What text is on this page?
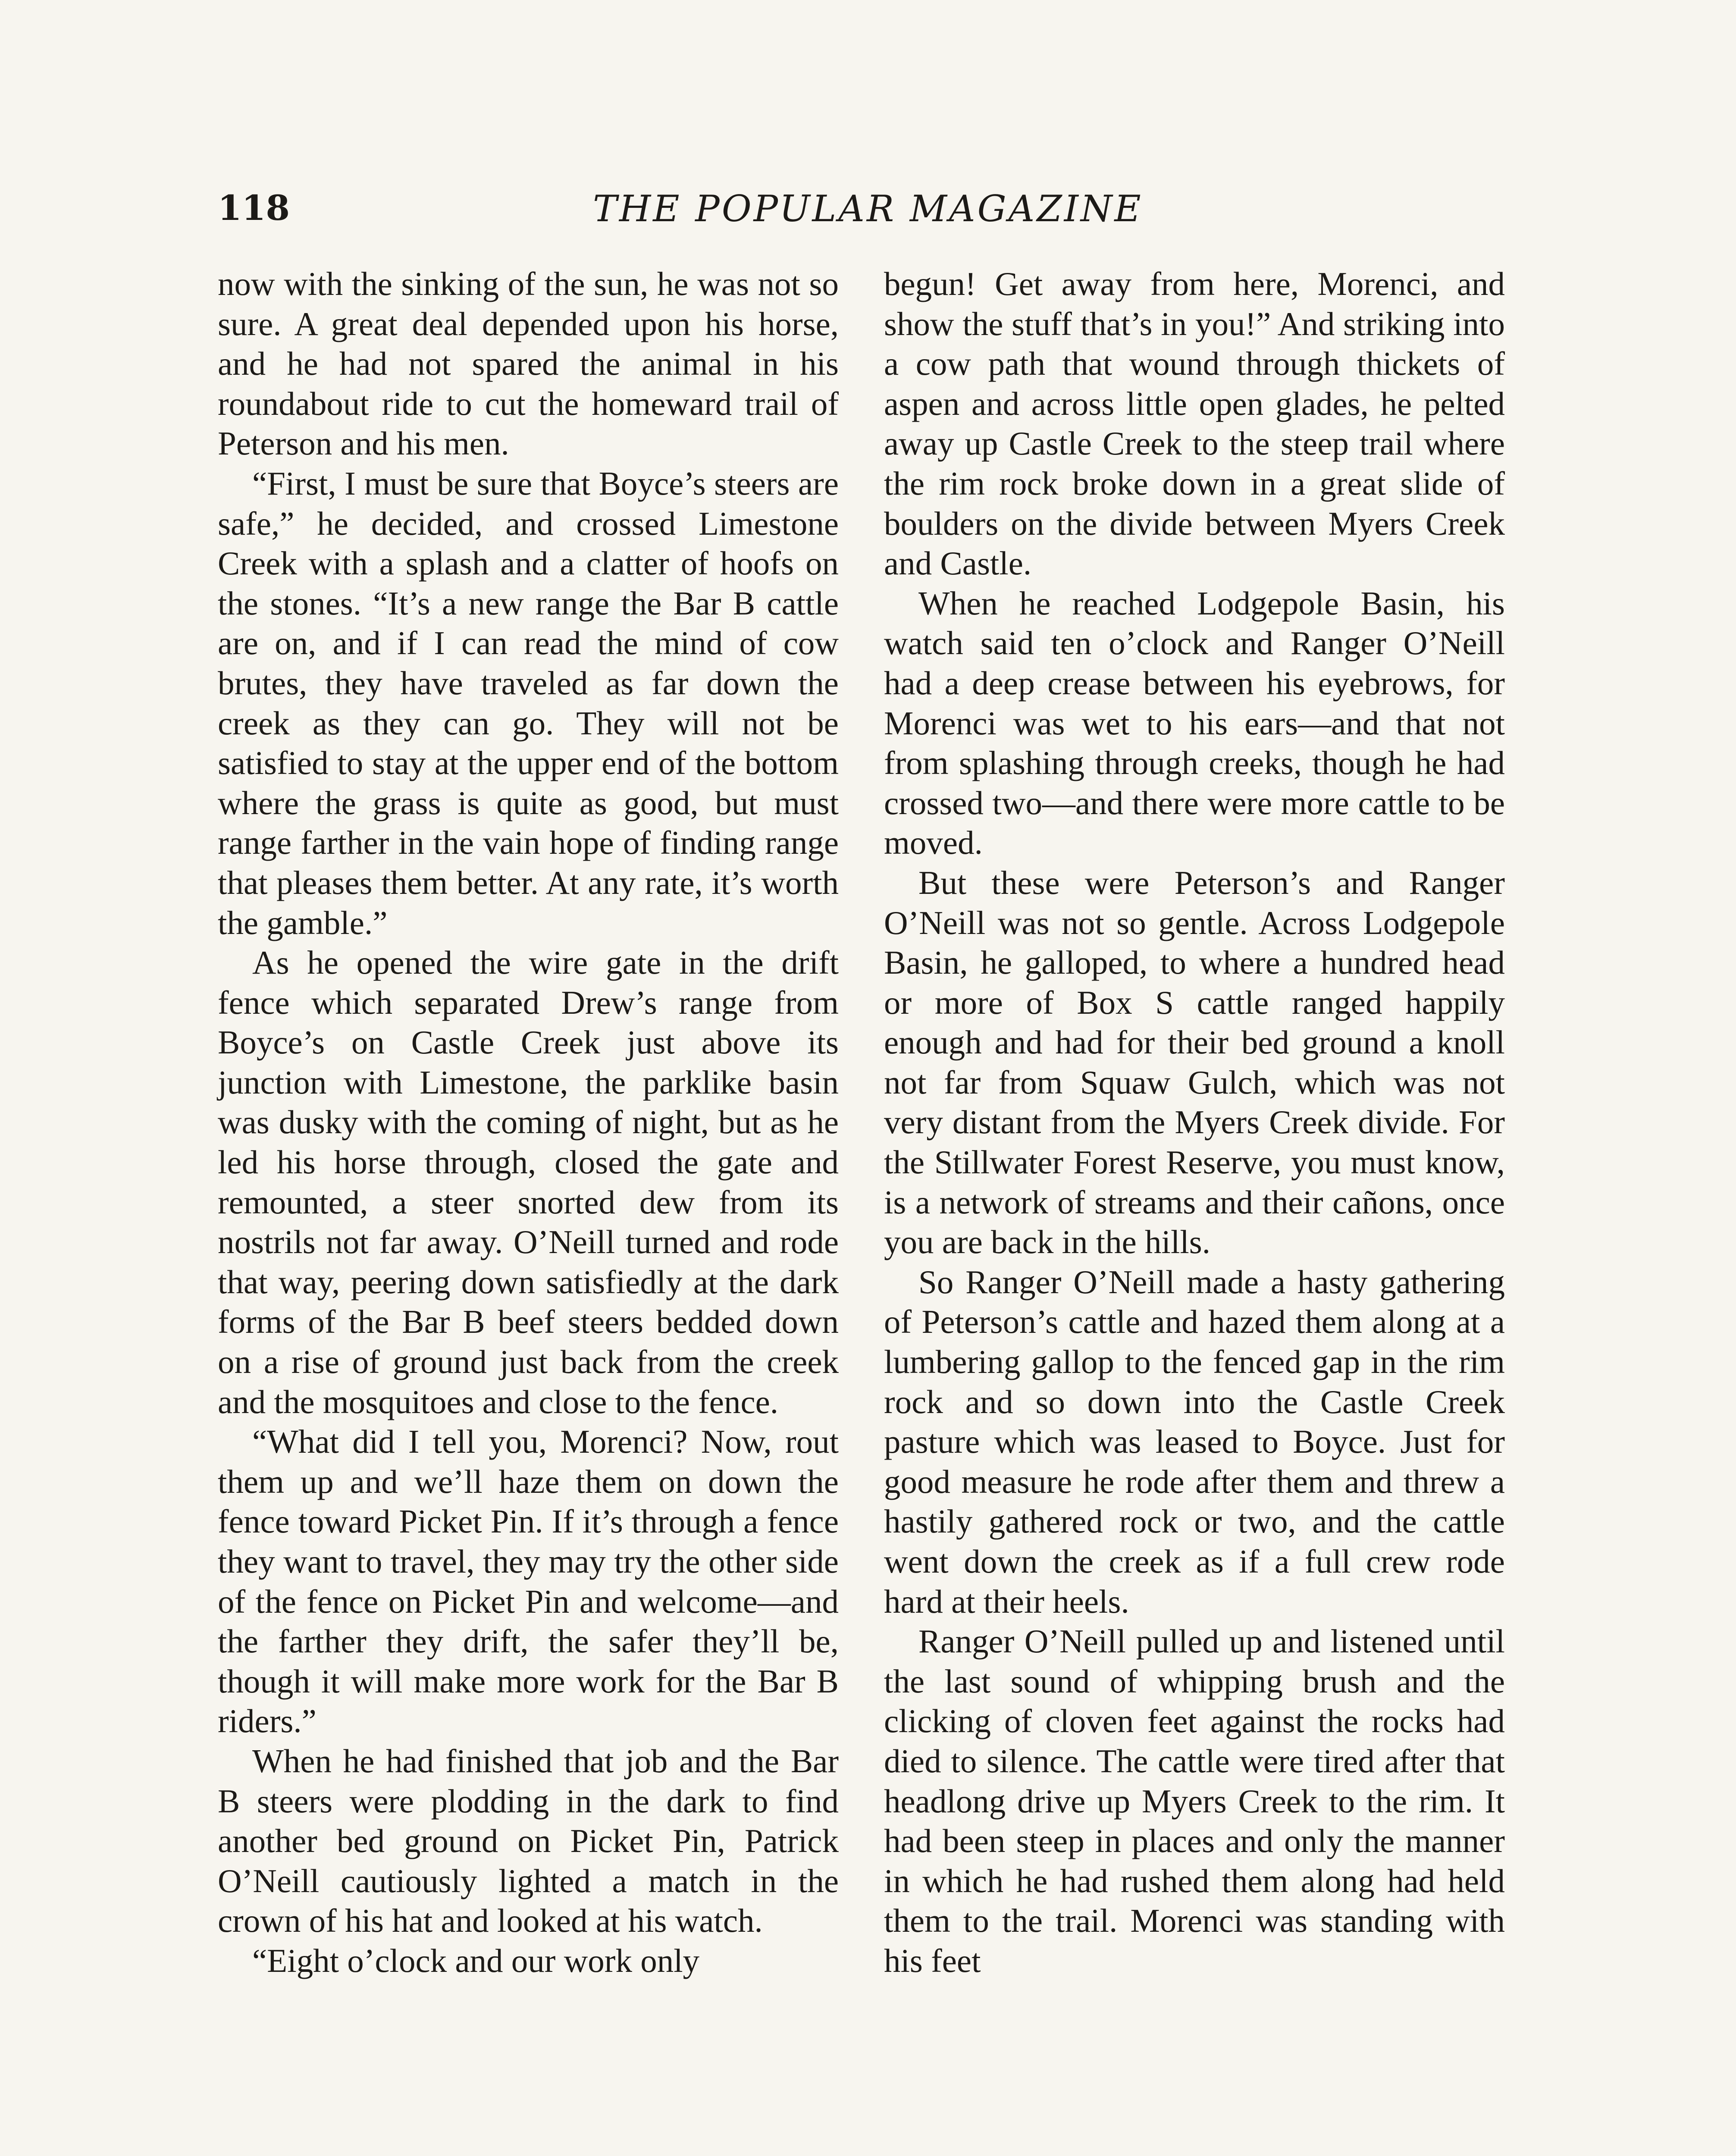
118	THE POPULAR MAGAZINE

now with the sinking of the sun, he was not so sure. A great deal depended upon his horse, and he had not spared the animal in his roundabout ride to cut the homeward trail of Peterson and his men.

“First, I must be sure that Boyce’s steers are safe,” he decided, and crossed Limestone Creek with a splash and a clatter of hoofs on the stones. “It’s a new range the Bar B cattle are on, and if I can read the mind of cow brutes, they have traveled as far down the creek as they can go. They will not be satisfied to stay at the upper end of the bottom where the grass is quite as good, but must range farther in the vain hope of finding range that pleases them better. At any rate, it’s worth the gamble.”

As he opened the wire gate in the drift fence which separated Drew’s range from Boyce’s on Castle Creek just above its junction with Limestone, the parklike basin was dusky with the coming of night, but as he led his horse through, closed the gate and remounted, a steer snorted dew from its nostrils not far away. O’Neill turned and rode that way, peering down satisfiedly at the dark forms of the Bar B beef steers bedded down on a rise of ground just back from the creek and the mosquitoes and close to the fence.

“What did I tell you, Morenci? Now, rout them up and we’ll haze them on down the fence toward Picket Pin. If it’s through a fence they want to travel, they may try the other side of the fence on Picket Pin and welcome—and the farther they drift, the safer they’ll be, though it will make more work for the Bar B riders.”

When he had finished that job and the Bar B steers were plodding in the dark to find another bed ground on Picket Pin, Patrick O’Neill cautiously lighted a match in the crown of his hat and looked at his watch.

“Eight o’clock and our work only

begun! Get away from here, Morenci, and show the stuff that’s in you!” And striking into a cow path that wound through thickets of aspen and across little open glades, he pelted away up Castle Creek to the steep trail where the rim rock broke down in a great slide of boulders on the divide between Myers Creek and Castle.

When he reached Lodgepole Basin, his watch said ten o’clock and Ranger O’Neill had a deep crease between his eyebrows, for Morenci was wet to his ears—and that not from splashing through creeks, though he had crossed two—and there were more cattle to be moved.

But these were Peterson’s and Ranger O’Neill was not so gentle. Across Lodgepole Basin, he galloped, to where a hundred head or more of Box S cattle ranged happily enough and had for their bed ground a knoll not far from Squaw Gulch, which was not very distant from the Myers Creek divide. For the Stillwater Forest Reserve, you must know, is a network of streams and their cañons, once you are back in the hills.

So Ranger O’Neill made a hasty gathering of Peterson’s cattle and hazed them along at a lumbering gallop to the fenced gap in the rim rock and so down into the Castle Creek pasture which was leased to Boyce. Just for good measure he rode after them and threw a hastily gathered rock or two, and the cattle went down the creek as if a full crew rode hard at their heels.

Ranger O’Neill pulled up and listened until the last sound of whipping brush and the clicking of cloven feet against the rocks had died to silence. The cattle were tired after that headlong drive up Myers Creek to the rim. It had been steep in places and only the manner in which he had rushed them along had held them to the trail. Morenci was standing with his feet
